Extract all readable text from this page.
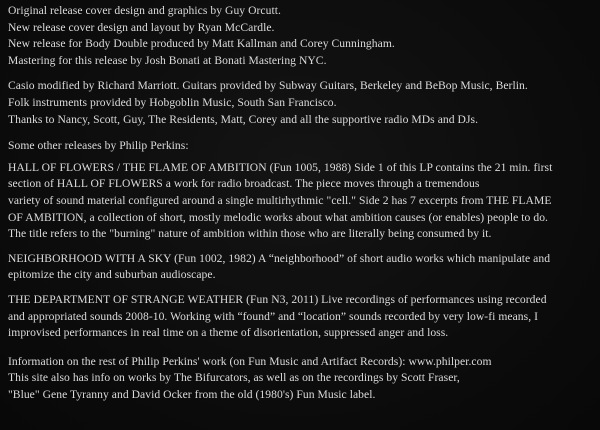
Original release cover design and graphics by Guy Orcutt.
New release cover design and layout by Ryan McCardle.
New release for Body Double produced by Matt Kallman and Corey Cunningham.
Mastering for this release by Josh Bonati at Bonati Mastering NYC.
Casio modified by Richard Marriott. Guitars provided by Subway Guitars, Berkeley and BeBop Music, Berlin.
Folk instruments provided by Hobgoblin Music, South San Francisco.
Thanks to Nancy, Scott, Guy, The Residents, Matt, Corey and all the supportive radio MDs and DJs.
Some other releases by Philip Perkins:
HALL OF FLOWERS / THE FLAME OF AMBITION (Fun 1005, 1988) Side 1 of this LP contains the 21 min. first
section of HALL OF FLOWERS a work for radio broadcast. The piece moves through a tremendous
variety of sound material configured around a single multirhythmic "cell." Side 2 has 7 excerpts from THE FLAME
OF AMBITION, a collection of short, mostly melodic works about what ambition causes (or enables) people to do.
The title refers to the "burning" nature of ambition within those who are literally being consumed by it.
NEIGHBORHOOD WITH A SKY (Fun 1002, 1982) A “neighborhood” of short audio works which manipulate and
epitomize the city and suburban audioscape.
THE DEPARTMENT OF STRANGE WEATHER (Fun N3, 2011) Live recordings of performances using recorded
and appropriated sounds 2008-10. Working with “found” and “location” sounds recorded by very low-fi means, I
improvised performances in real time on a theme of disorientation, suppressed anger and loss.
Information on the rest of Philip Perkins' work (on Fun Music and Artifact Records): www.philper.com
This site also has info on works by The Bifurcators, as well as on the recordings by Scott Fraser,
"Blue" Gene Tyranny and David Ocker from the old (1980's) Fun Music label.
